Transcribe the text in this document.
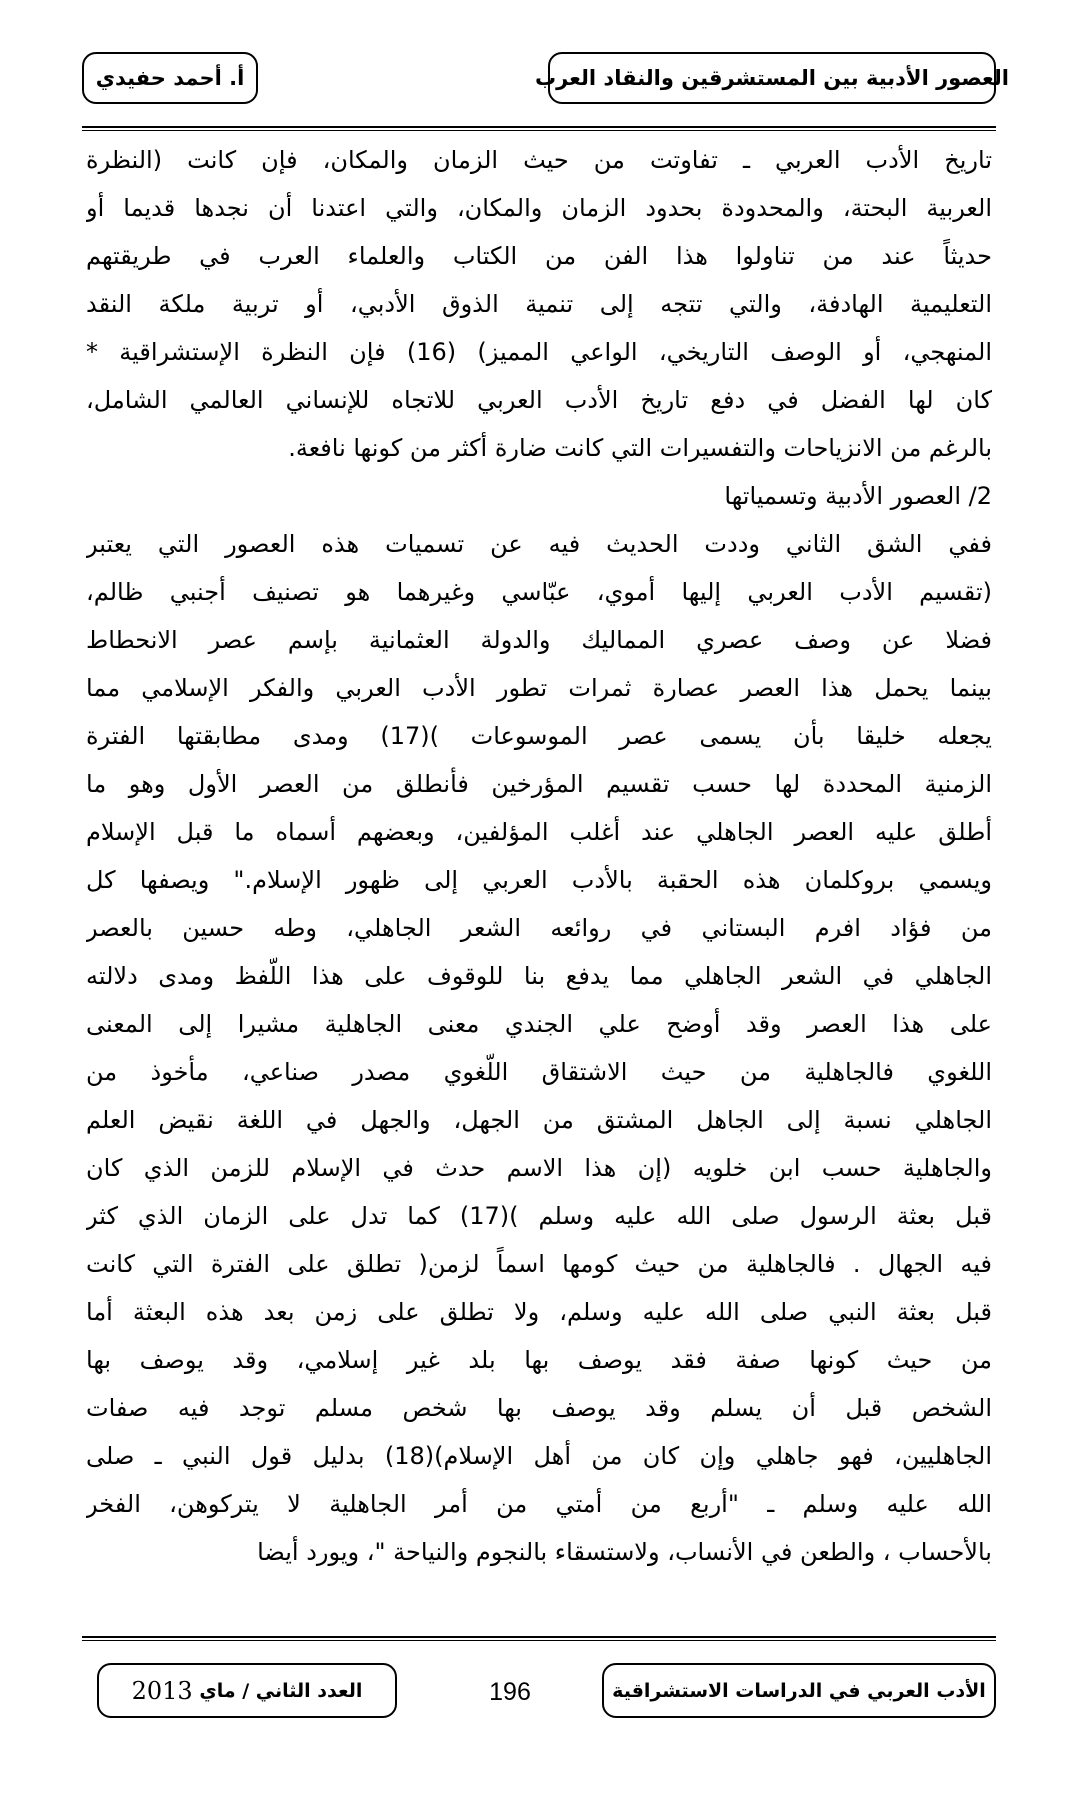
العصور الأدبية بين المستشرقين والنقاد العرب
أ. أحمد حفيدي
تاريخ الأدب العربي ـ تفاوتت من حيث الزمان والمكان، فإن كانت (النظرة
العربية البحتة، والمحدودة بحدود الزمان والمكان، والتي اعتدنا أن نجدها قديما أو
حديثاً عند من تناولوا هذا الفن من الكتاب والعلماء العرب في طريقتهم
التعليمية الهادفة، والتي تتجه إلى تنمية الذوق الأدبي، أو تربية ملكة النقد
المنهجي، أو الوصف التاريخي، الواعي المميز) (16) فإن النظرة الإستشراقية *
كان لها الفضل في دفع تاريخ الأدب العربي للاتجاه للإنساني العالمي الشامل،
بالرغم من الانزياحات والتفسيرات التي كانت ضارة أكثر من كونها نافعة.
2/ العصور الأدبية وتسمياتها
ففي الشق الثاني وددت الحديث فيه عن تسميات هذه العصور التي يعتبر
(تقسيم الأدب العربي إليها أموي، عبّاسي وغيرهما هو تصنيف أجنبي ظالم،
فضلا عن وصف عصري المماليك والدولة العثمانية بإسم عصر الانحطاط
بينما يحمل هذا العصر عصارة ثمرات تطور الأدب العربي والفكر الإسلامي مما
يجعله خليقا بأن يسمى عصر الموسوعات )(17) ومدى مطابقتها الفترة
الزمنية المحددة لها حسب تقسيم المؤرخين فأنطلق من العصر الأول وهو ما
أطلق عليه العصر الجاهلي عند أغلب المؤلفين، وبعضهم أسماه ما قبل الإسلام
ويسمي بروكلمان هذه الحقبة بالأدب العربي إلى ظهور الإسلام." ويصفها كل
من فؤاد افرم البستاني في روائعه الشعر الجاهلي، وطه حسين بالعصر
الجاهلي في الشعر الجاهلي مما يدفع بنا للوقوف على هذا اللّفظ ومدى دلالته
على هذا العصر وقد أوضح علي الجندي معنى الجاهلية مشيرا إلى المعنى
اللغوي فالجاهلية من حيث الاشتقاق اللّغوي مصدر صناعي، مأخوذ من
الجاهلي نسبة إلى الجاهل المشتق من الجهل، والجهل في اللغة نقيض العلم
والجاهلية حسب ابن خلويه (إن هذا الاسم حدث في الإسلام للزمن الذي كان
قبل بعثة الرسول صلى الله عليه وسلم )(17) كما تدل على الزمان الذي كثر
فيه الجهال . فالجاهلية من حيث كومها اسماً لزمن( تطلق على الفترة التي كانت
قبل بعثة النبي صلى الله عليه وسلم، ولا تطلق على زمن بعد هذه البعثة أما
من حيث كونها صفة فقد يوصف بها بلد غير إسلامي، وقد يوصف بها
الشخص قبل أن يسلم وقد يوصف بها شخص مسلم توجد فيه صفات
الجاهليين، فهو جاهلي وإن كان من أهل الإسلام)(18) بدليل قول النبي ـ صلى
الله عليه وسلم ـ "أربع من أمتي من أمر الجاهلية لا يتركوهن، الفخر
بالأحساب ، والطعن في الأنساب، ولاستسقاء بالنجوم والنياحة "، ويورد أيضا
الأدب العربي في الدراسات الاستشراقية
196
العدد الثاني / ماي

2013
